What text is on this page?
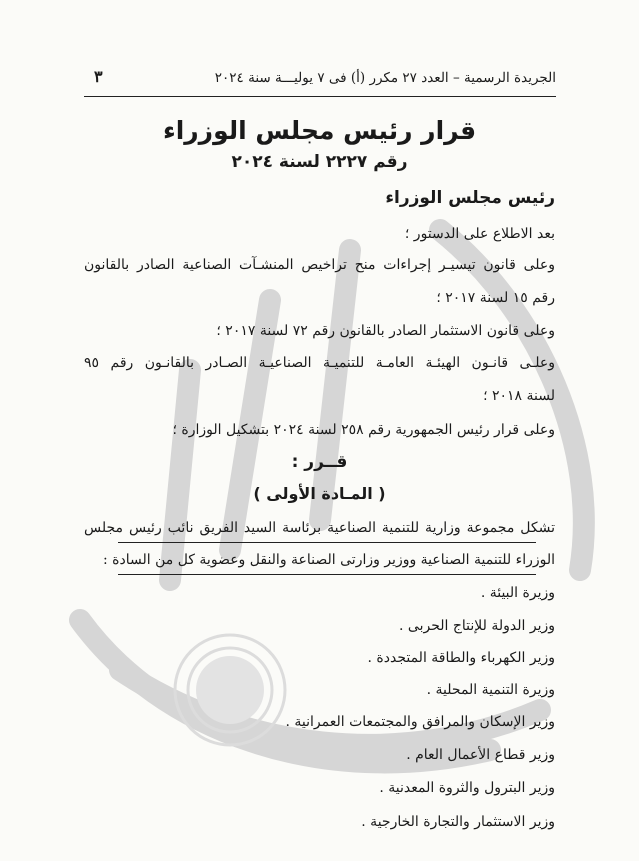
الجريدة الرسمية – العدد ٢٧ مكرر (أ) فى ٧ يوليـــة سنة ٢٠٢٤
٣
قرار رئيس مجلس الوزراء
رقم ٢٢٢٧ لسنة ٢٠٢٤
رئيس مجلس الوزراء
بعد الاطلاع على الدستور ؛
وعلى قانون تيسيـر إجراءات منح تراخيص المنشـآت الصناعية الصادر بالقانون
رقم ١٥ لسنة ٢٠١٧ ؛
وعلى قانون الاستثمار الصادر بالقانون رقم ٧٢ لسنة ٢٠١٧ ؛
وعلـى قانـون الهيئـة العامـة للتنميـة الصناعيـة الصـادر بالقانـون رقم ٩٥
لسنة ٢٠١٨ ؛
وعلى قرار رئيس الجمهورية رقم ٢٥٨ لسنة ٢٠٢٤ بتشكيل الوزارة ؛
قــرر :
( المـادة الأولى )
تشكل مجموعة وزارية للتنمية الصناعية برئاسة السيد الفريق نائب رئيس مجلس
الوزراء للتنمية الصناعية ووزير وزارتى الصناعة والنقل وعضوية كل من السادة :
وزيرة البيئة .
وزير الدولة للإنتاج الحربى .
وزير الكهرباء والطاقة المتجددة .
وزيرة التنمية المحلية .
وزير الإسكان والمرافق والمجتمعات العمرانية .
وزير قطاع الأعمال العام .
وزير البترول والثروة المعدنية .
وزير الاستثمار والتجارة الخارجية .
